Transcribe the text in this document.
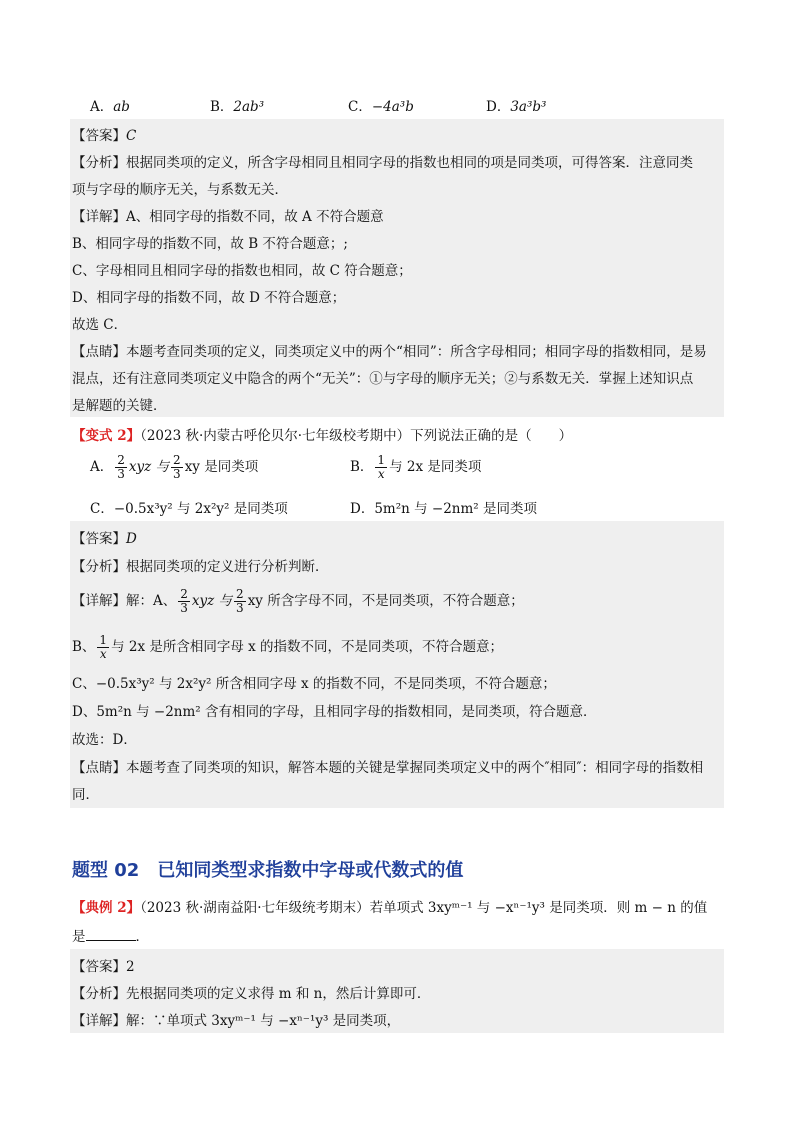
A．ab	B．2ab³	C．−4a³b	D．3a³b³
【答案】C
【分析】根据同类项的定义，所含字母相同且相同字母的指数也相同的项是同类项，可得答案．注意同类
项与字母的顺序无关，与系数无关．
【详解】A、相同字母的指数不同，故 A 不符合题意
B、相同字母的指数不同，故 B 不符合题意；;
C、字母相同且相同字母的指数也相同，故 C 符合题意；
D、相同字母的指数不同，故 D 不符合题意；
故选 C．
【点睛】本题考查同类项的定义，同类项定义中的两个“相同”：所含字母相同；相同字母的指数相同，是易
混点，还有注意同类项定义中隐含的两个“无关”：①与字母的顺序无关；②与系数无关．掌握上述知识点
是解题的关键．
【变式 2】（2023 秋·内蒙古呼伦贝尔·七年级校考期中）下列说法正确的是（　　）
A． $\frac{2}{3}$ xyz 与 $\frac{2}{3}$ xy 是同类项	B． $\frac{1}{x}$ 与 2x 是同类项
C．−0.5x³y² 与 2x²y² 是同类项	D．5m²n 与 −2nm² 是同类项
【答案】D
【分析】根据同类项的定义进行分析判断．
【详解】解：A、 $\frac{2}{3}$ xyz 与 $\frac{2}{3}$ xy 所含字母不同，不是同类项，不符合题意；
B、 $\frac{1}{x}$ 与 2x 是所含相同字母 x 的指数不同，不是同类项，不符合题意；
C、−0.5x³y² 与 2x²y² 所含相同字母 x 的指数不同，不是同类项，不符合题意；
D、5m²n 与 −2nm² 含有相同的字母，且相同字母的指数相同，是同类项，符合题意．
故选：D．
【点睛】本题考查了同类项的知识，解答本题的关键是掌握同类项定义中的两个″相同″：相同字母的指数相
同．
题型 02　已知同类型求指数中字母或代数式的值
【典例 2】（2023 秋·湖南益阳·七年级统考期末）若单项式 3xyᵐ⁻¹ 与 −xⁿ⁻¹y³ 是同类项．则 m − n 的值
是	．
【答案】2
【分析】先根据同类项的定义求得 m 和 n，然后计算即可．
【详解】解：∵单项式 3xyᵐ⁻¹ 与 −xⁿ⁻¹y³ 是同类项，
